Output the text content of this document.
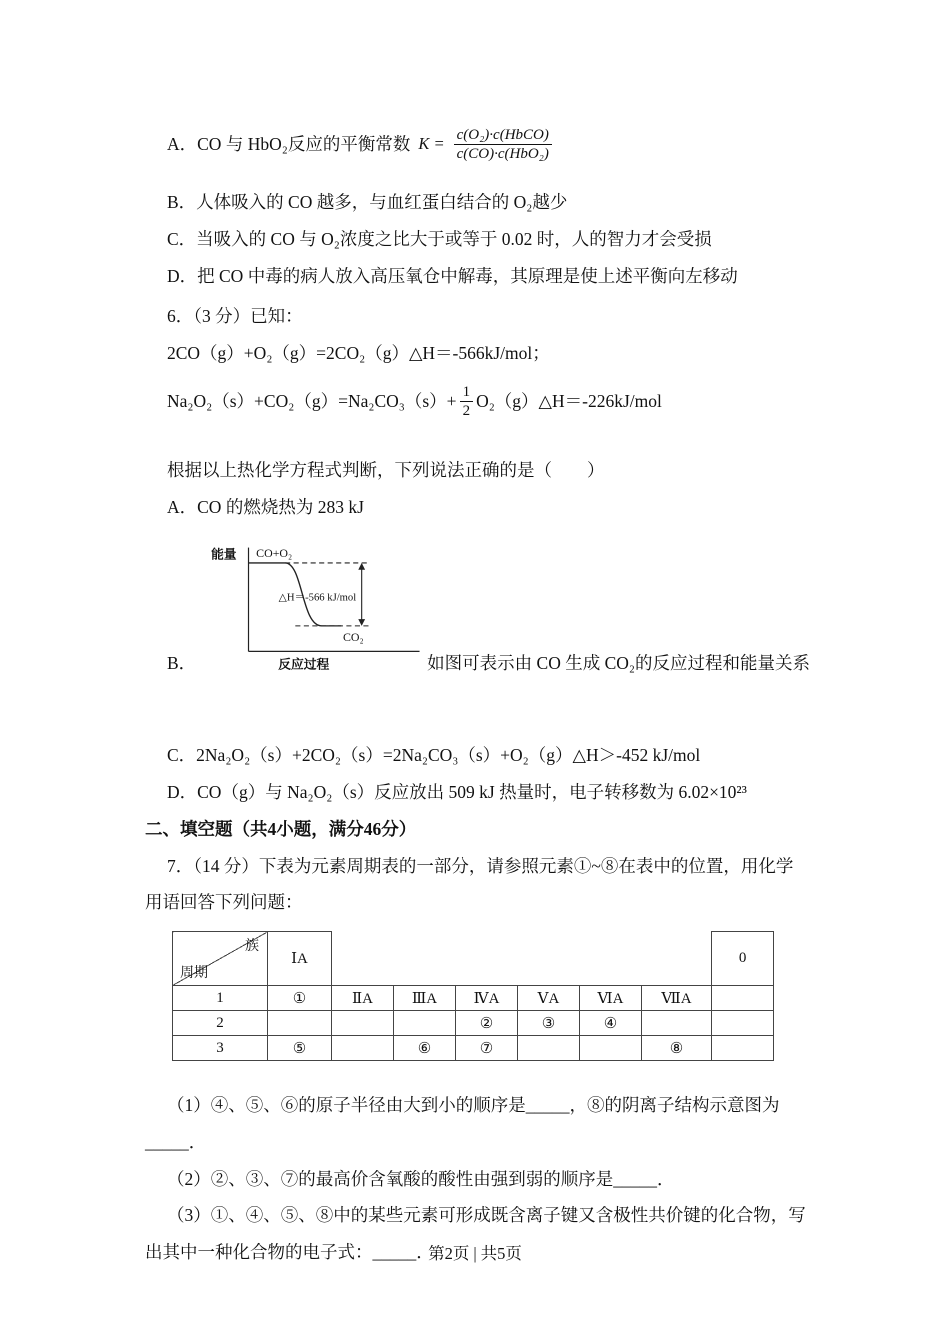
A．CO 与 HbO₂反应的平衡常数 $K = \frac{\text{c(O₂)·c(HbCO)}}{\text{c(CO)·c(HbO₂)}}$

B．人体吸入的 CO 越多，与血红蛋白结合的 O₂越少

C．当吸入的 CO 与 O₂浓度之比大于或等于 0.02 时，人的智力才会受损

D．把 CO 中毒的病人放入高压氧仓中解毒，其原理是使上述平衡向左移动

6．（3 分）已知：

2CO（g）+O₂（g）=2CO₂（g）△H＝-566kJ/mol；

$Na_2O_2(s)+CO_2(g)=Na_2CO_3(s)+ \frac{1}{2}$ O₂（g）△H＝-226kJ/mol

根据以上热化学方程式判断，下列说法正确的是（　　）

A．CO 的燃烧热为 283 kJ

B．
能量 CO+O₂
△H＝-566 kJ/mol
CO₂
反应过程	如图可表示由 CO 生成 CO₂的反应过程和能量关系

C．2Na₂O₂（s）+2CO₂（s）=2Na₂CO₃（s）+O₂（g）△H＞-452 kJ/mol

D．CO（g）与 Na₂O₂（s）反应放出 509 kJ 热量时，电子转移数为 6.02×10²³

二、填空题（共4小题，满分46分）

7．（14 分）下表为元素周期表的一部分，请参照元素①~⑧在表中的位置，用化学用语回答下列问题：

族
周期	ⅠA							0
1	①	ⅡA	ⅢA	ⅣA	ⅤA	ⅥA	ⅦA	
2				②	③	④		
3	⑤		⑥	⑦			⑧	

（1）④、⑤、⑥的原子半径由大到小的顺序是_____，⑧的阴离子结构示意图为_____．

（2）②、③、⑦的最高价含氧酸的酸性由强到弱的顺序是_____．

（3）①、④、⑤、⑧中的某些元素可形成既含离子键又含极性共价键的化合物，写出其中一种化合物的电子式：_____．

第2页 | 共5页
